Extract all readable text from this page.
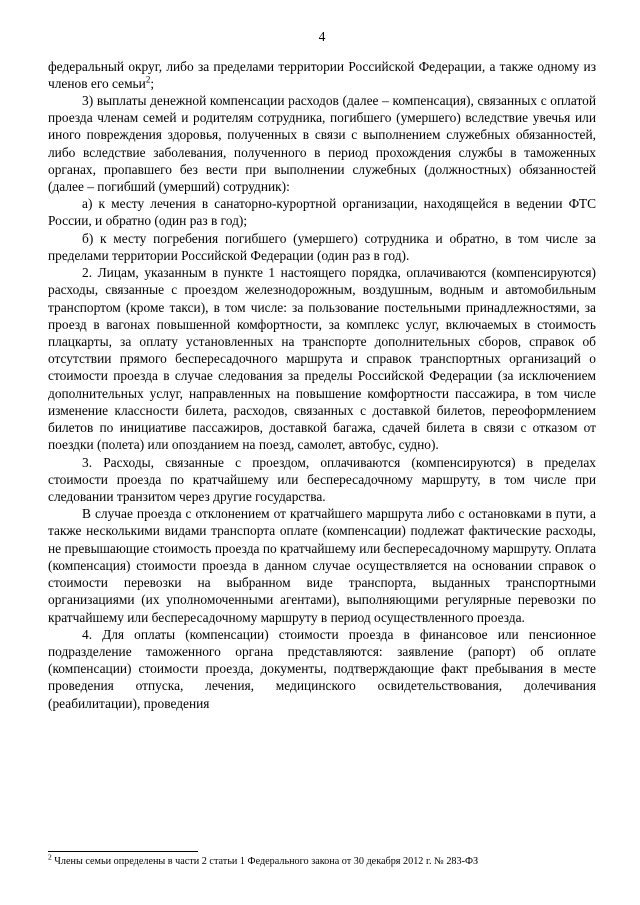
4

федеральный округ, либо за пределами территории Российской Федерации, а также одному из членов его семьи$^2$;

3) выплаты денежной компенсации расходов (далее – компенсация), связанных с оплатой проезда членам семей и родителям сотрудника, погибшего (умершего) вследствие увечья или иного повреждения здоровья, полученных в связи с выполнением служебных обязанностей, либо вследствие заболевания, полученного в период прохождения службы в таможенных органах, пропавшего без вести при выполнении служебных (должностных) обязанностей (далее – погибший (умерший) сотрудник):

а) к месту лечения в санаторно-курортной организации, находящейся в ведении ФТС России, и обратно (один раз в год);

б) к месту погребения погибшего (умершего) сотрудника и обратно, в том числе за пределами территории Российской Федерации (один раз в год).

2. Лицам, указанным в пункте 1 настоящего порядка, оплачиваются (компенсируются) расходы, связанные с проездом железнодорожным, воздушным, водным и автомобильным транспортом (кроме такси), в том числе: за пользование постельными принадлежностями, за проезд в вагонах повышенной комфортности, за комплекс услуг, включаемых в стоимость плацкарты, за оплату установленных на транспорте дополнительных сборов, справок об отсутствии прямого беспересадочного маршрута и справок транспортных организаций о стоимости проезда в случае следования за пределы Российской Федерации (за исключением дополнительных услуг, направленных на повышение комфортности пассажира, в том числе изменение классности билета, расходов, связанных с доставкой билетов, переоформлением билетов по инициативе пассажиров, доставкой багажа, сдачей билета в связи с отказом от поездки (полета) или опозданием на поезд, самолет, автобус, судно).

3. Расходы, связанные с проездом, оплачиваются (компенсируются) в пределах стоимости проезда по кратчайшему или беспересадочному маршруту, в том числе при следовании транзитом через другие государства.

В случае проезда с отклонением от кратчайшего маршрута либо с остановками в пути, а также несколькими видами транспорта оплате (компенсации) подлежат фактические расходы, не превышающие стоимость проезда по кратчайшему или беспересадочному маршруту. Оплата (компенсация) стоимости проезда в данном случае осуществляется на основании справок о стоимости перевозки на выбранном виде транспорта, выданных транспортными организациями (их уполномоченными агентами), выполняющими регулярные перевозки по кратчайшему или беспересадочному маршруту в период осуществленного проезда.

4. Для оплаты (компенсации) стоимости проезда в финансовое или пенсионное подразделение таможенного органа представляются: заявление (рапорт) об оплате (компенсации) стоимости проезда, документы, подтверждающие факт пребывания в месте проведения отпуска, лечения, медицинского освидетельствования, долечивания (реабилитации), проведения

$^2$ Члены семьи определены в части 2 статьи 1 Федерального закона от 30 декабря 2012 г. № 283-ФЗ
